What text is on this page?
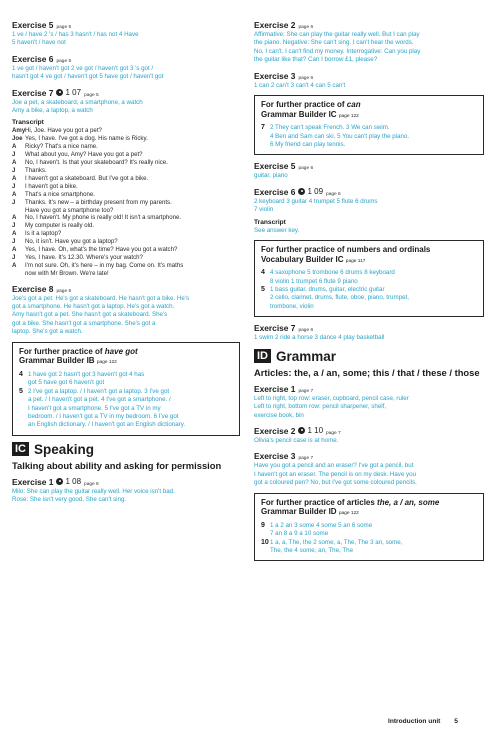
Exercise 5 page 5
1 ve / have 2 's / has 3 hasn't / has not 4 Have
5 haven't / have not
Exercise 6 page 5
1 ve got / haven't got 2 ve got / haven't got 3 's got /
hasn't got 4 ve got / haven't got 5 have got / haven't got
Exercise 7 1 07 page 5
Joe a pet, a skateboard, a smartphone, a watch
Amy a bike, a laptop, a watch
Transcript
AmyHi, Joe. Have you got a pet?
Joe Yes, I have. I've got a dog. His name is Ricky.
A Ricky? That's a nice name.
J What about you, Amy? Have you got a pet?
A No, I haven't. Is that your skateboard? It's really nice.
J Thanks.
A I haven't got a skateboard. But I've got a bike.
J I haven't got a bike.
A That's a nice smartphone.
J Thanks. It's new – a birthday present from my parents.
Have you got a smartphone too?
A No, I haven't. My phone is really old! It isn't a smartphone.
J My computer is really old.
A Is it a laptop?
J No, it isn't. Have you got a laptop?
A Yes, I have. Oh, what's the time? Have you got a watch?
J Yes, I have. It's 12.30. Where's your watch?
A I'm not sure. Oh, it's here – in my bag. Come on. It's maths
now with Mr Brown. We're late!
Exercise 8 page 5
Joe's got a pet. He's got a skateboard. He hasn't got a bike. He's
got a smartphone. He hasn't got a laptop. He's got a watch.
Amy hasn't got a pet. She hasn't got a skateboard. She's
got a bike. She hasn't got a smartphone. She's got a
laptop. She's got a watch.
For further practice of have got
Grammar Builder IB page 122
4 1 have got 2 hasn't got 3 haven't got 4 has
got 5 have got 6 haven't got
5 2 I've got a laptop. / I haven't got a laptop. 3 I've got
a pet. / I haven't got a pet. 4 I've got a smartphone. /
I haven't got a smartphone. 5 I've got a TV in my
bedroom. / I haven't got a TV in my bedroom. 6 I've got
an English dictionary. / I haven't got an English dictionary.
IC Speaking
Talking about ability and asking for permission
Exercise 1 1 08 page 6
Milo: She can play the guitar really well. Her voice isn't bad.
Rose: She isn't very good. She can't sing.
Exercise 2 page 6
Affirmative: She can play the guitar really well. But I can play
the piano. Negative: She can't sing. I can't hear the words.
No, I can't. I can't find my money. Interrogative: Can you play
the guitar like that? Can I borrow £1, please?
Exercise 3 page 6
1 can 2 can't 3 can't 4 can 5 can't
For further practice of can
Grammar Builder IC page 122
7 2 They can't speak French. 3 We can swim.
4 Ben and Sam can ski. 5 You can't play the piano.
6 My friend can play tennis.
Exercise 5 page 6
guitar, piano
Exercise 6 1 09 page 6
2 keyboard 3 guitar 4 trumpet 5 flute 6 drums
7 violin
Transcript
See answer key.
For further practice of numbers and ordinals
Vocabulary Builder IC page 117
4 4 saxophone 5 trombone 6 drums 8 keyboard
8 violin 1 trumpet 6 flute 9 piano
5 1 bass guitar, drums, guitar, electric guitar
2 cello, clarinet, drums, flute, oboe, piano, trumpet,
trombone, violin
Exercise 7 page 6
1 swim 2 ride a horse 3 dance 4 play basketball
ID Grammar
Articles: the, a / an, some; this / that / these / those
Exercise 1 page 7
Left to right, top row: eraser, cupboard, pencil case, ruler
Left to right, bottom row: pencil sharpener, shelf,
exercise book, bin
Exercise 2 1 10 page 7
Olivia's pencil case is at home.
Exercise 3 page 7
Have you got a pencil and an eraser? I've got a pencil, but
I haven't got an eraser. The pencil is on my desk. Have you
got a coloured pen? No, but I've got some coloured pencils.
For further practice of articles the, a / an, some
Grammar Builder ID page 122
9 1 a 2 an 3 some 4 some 5 an 6 some
7 an 8 a 9 a 10 some
10 1 a, a, The, the 2 some, a, The, The 3 an, some,
The, the 4 some, an, The, The
Introduction unit 5
